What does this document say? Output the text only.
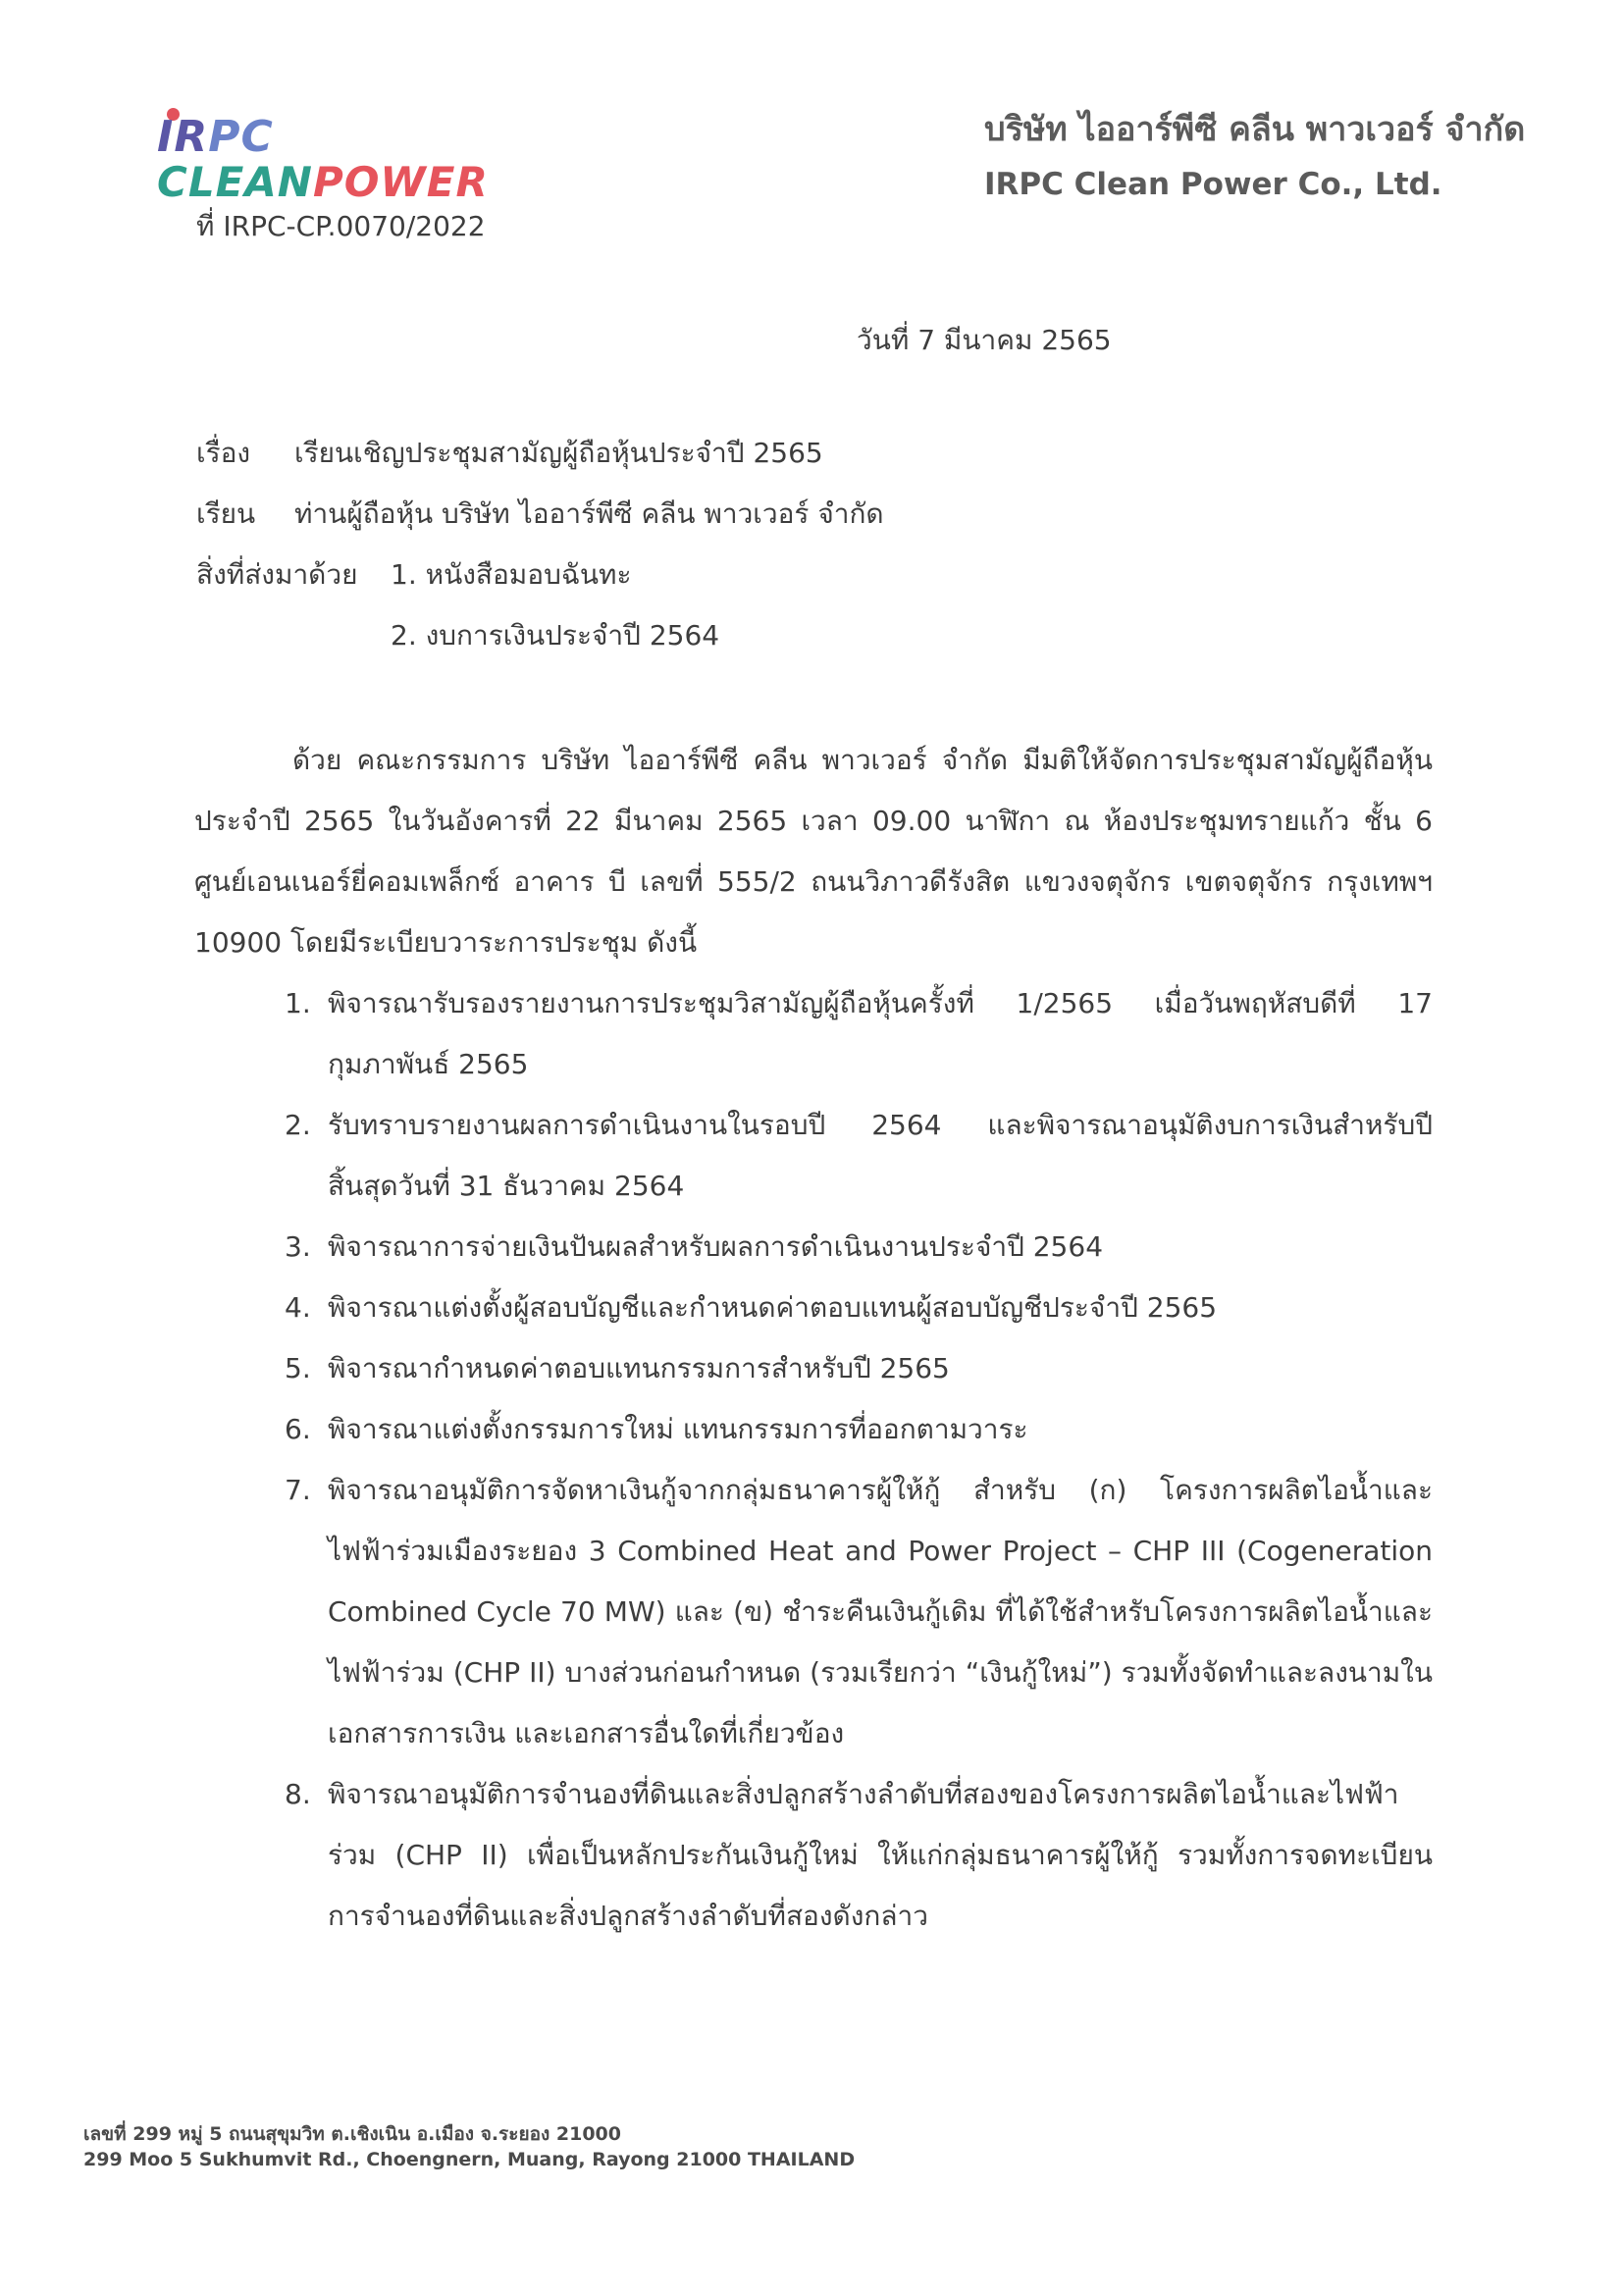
IRPC
CLEANPOWER
บริษัท ไออาร์พีซี คลีน พาวเวอร์ จำกัด
IRPC Clean Power Co., Ltd.
ที่ IRPC-CP.0070/2022
วันที่ 7 มีนาคม 2565
เรื่อง เรียนเชิญประชุมสามัญผู้ถือหุ้นประจำปี 2565
เรียน ท่านผู้ถือหุ้น บริษัท ไออาร์พีซี คลีน พาวเวอร์ จำกัด
สิ่งที่ส่งมาด้วย 1. หนังสือมอบฉันทะ
2. งบการเงินประจำปี 2564
ด้วย คณะกรรมการ บริษัท ไออาร์พีซี คลีน พาวเวอร์ จำกัด มีมติให้จัดการประชุมสามัญผู้ถือหุ้น
ประจำปี 2565 ในวันอังคารที่ 22 มีนาคม 2565 เวลา 09.00 นาฬิกา ณ ห้องประชุมทรายแก้ว ชั้น 6
ศูนย์เอนเนอร์ยี่คอมเพล็กซ์ อาคาร บี เลขที่ 555/2 ถนนวิภาวดีรังสิต แขวงจตุจักร เขตจตุจักร กรุงเทพฯ
10900 โดยมีระเบียบวาระการประชุม ดังนี้
1. พิจารณารับรองรายงานการประชุมวิสามัญผู้ถือหุ้นครั้งที่ 1/2565 เมื่อวันพฤหัสบดีที่ 17
กุมภาพันธ์ 2565
2. รับทราบรายงานผลการดำเนินงานในรอบปี 2564 และพิจารณาอนุมัติงบการเงินสำหรับปี
สิ้นสุดวันที่ 31 ธันวาคม 2564
3. พิจารณาการจ่ายเงินปันผลสำหรับผลการดำเนินงานประจำปี 2564
4. พิจารณาแต่งตั้งผู้สอบบัญชีและกำหนดค่าตอบแทนผู้สอบบัญชีประจำปี 2565
5. พิจารณากำหนดค่าตอบแทนกรรมการสำหรับปี 2565
6. พิจารณาแต่งตั้งกรรมการใหม่ แทนกรรมการที่ออกตามวาระ
7. พิจารณาอนุมัติการจัดหาเงินกู้จากกลุ่มธนาคารผู้ให้กู้ สำหรับ (ก) โครงการผลิตไอน้ำและ
ไฟฟ้าร่วมเมืองระยอง 3 Combined Heat and Power Project – CHP III (Cogeneration
Combined Cycle 70 MW) และ (ข) ชำระคืนเงินกู้เดิม ที่ได้ใช้สำหรับโครงการผลิตไอน้ำและ
ไฟฟ้าร่วม (CHP II) บางส่วนก่อนกำหนด (รวมเรียกว่า “เงินกู้ใหม่”) รวมทั้งจัดทำและลงนามใน
เอกสารการเงิน และเอกสารอื่นใดที่เกี่ยวข้อง
8. พิจารณาอนุมัติการจำนองที่ดินและสิ่งปลูกสร้างลำดับที่สองของโครงการผลิตไอน้ำและไฟฟ้า
ร่วม (CHP II) เพื่อเป็นหลักประกันเงินกู้ใหม่ ให้แก่กลุ่มธนาคารผู้ให้กู้ รวมทั้งการจดทะเบียน
การจำนองที่ดินและสิ่งปลูกสร้างลำดับที่สองดังกล่าว
เลขที่ 299 หมู่ 5 ถนนสุขุมวิท ต.เชิงเนิน อ.เมือง จ.ระยอง 21000
299 Moo 5 Sukhumvit Rd., Choengnern, Muang, Rayong 21000 THAILAND
